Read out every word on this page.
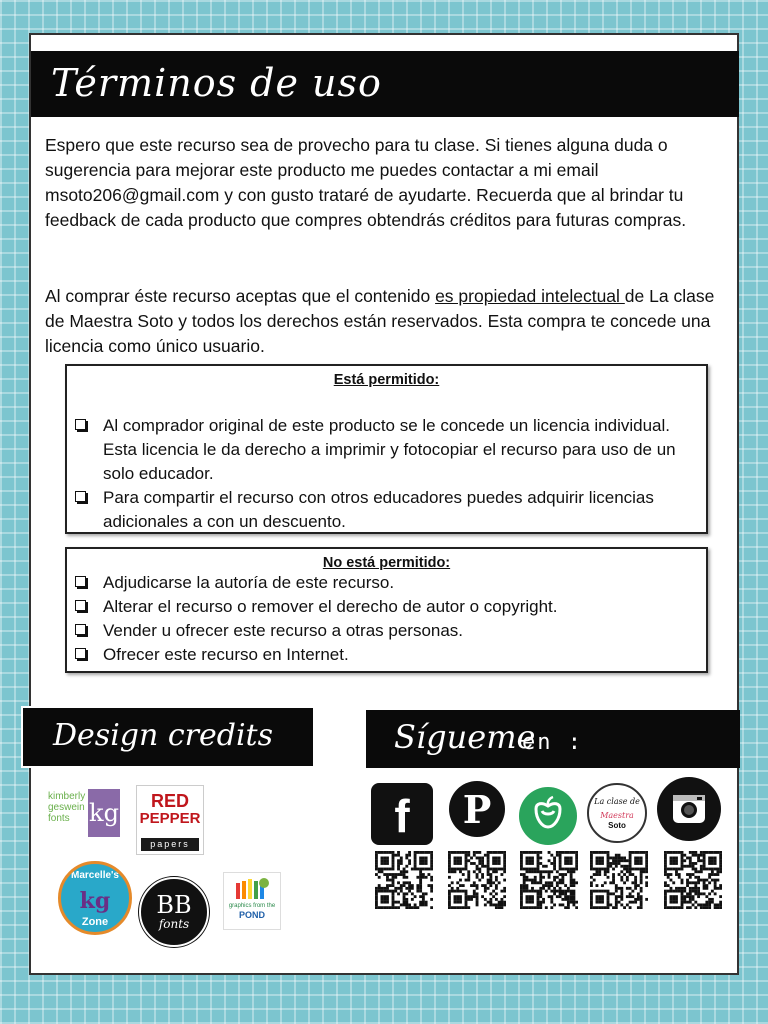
Términos de uso

Espero que este recurso sea de provecho para tu clase. Si tienes alguna duda o sugerencia para mejorar este producto me puedes contactar a mi email msoto206@gmail.com y con gusto trataré de ayudarte. Recuerda que al brindar tu feedback de cada producto que compres obtendrás créditos para futuras compras.

Al comprar éste recurso aceptas que el contenido es propiedad intelectual de La clase de Maestra Soto y todos los derechos están reservados. Esta compra te concede una licencia como único usuario.

Está permitido:
Al comprador original de este producto se le concede un licencia individual. Esta licencia le da derecho a imprimir y fotocopiar el recurso para uso de un solo educador.
Para compartir el recurso con otros educadores puedes adquirir licencias adicionales a con un descuento.
No está permitido:
Adjudicarse la autoría de este recurso.
Alterar el recurso o remover el derecho de autor o copyright.
Vender u ofrecer este recurso a otras personas.
Ofrecer este recurso en Internet.
Design credits	Sígueme
en :
kimberly geswein fonts kg	RED
PEPPER
papers
Marcelle's
kg
Zone
BB
fonts
graphics from the
POND
f	P	La clase de
Maestra
Soto
